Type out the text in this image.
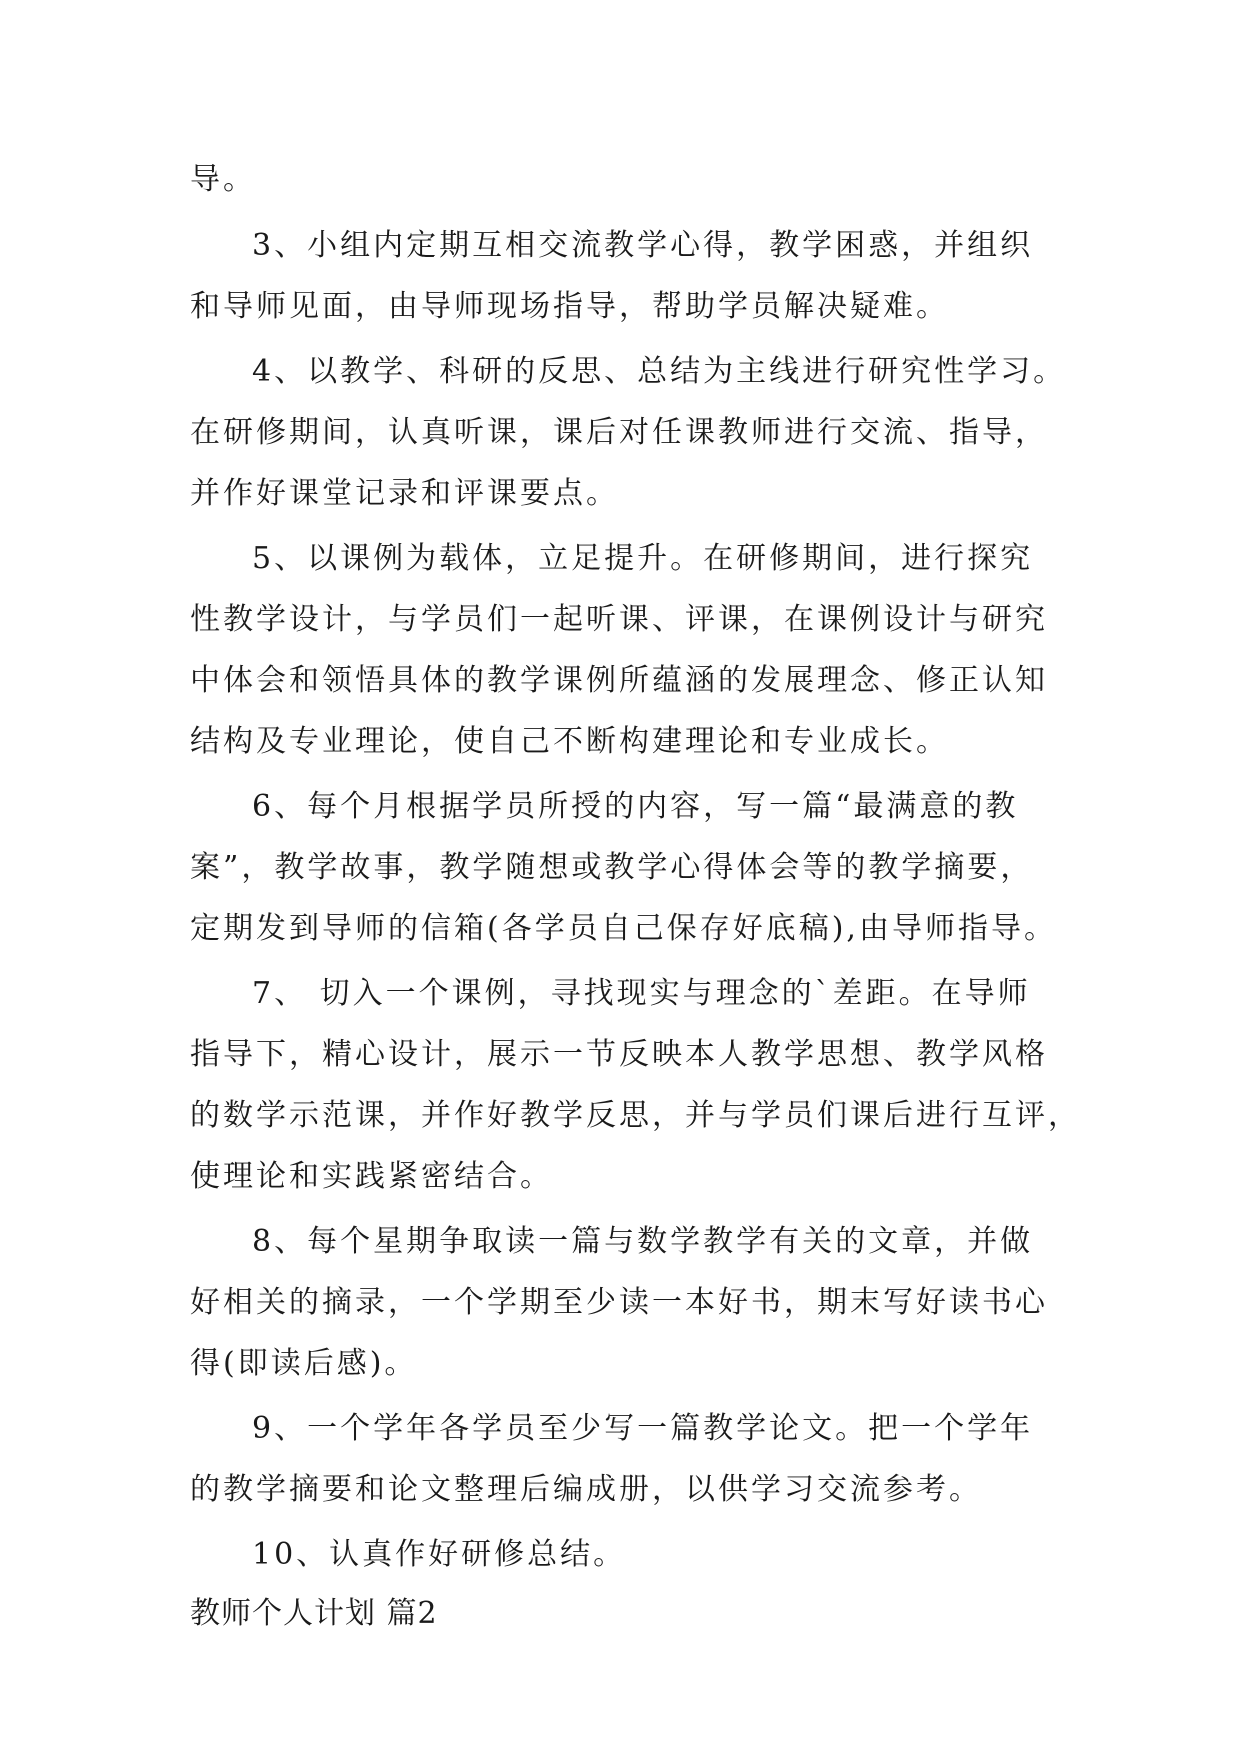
导。
3、小组内定期互相交流教学心得，教学困惑，并组织
和导师见面，由导师现场指导，帮助学员解决疑难。
4、以教学、科研的反思、总结为主线进行研究性学习。
在研修期间，认真听课，课后对任课教师进行交流、指导，
并作好课堂记录和评课要点。
5、以课例为载体，立足提升。在研修期间，进行探究
性教学设计，与学员们一起听课、评课，在课例设计与研究
中体会和领悟具体的教学课例所蕴涵的发展理念、修正认知
结构及专业理论，使自己不断构建理论和专业成长。
6、每个月根据学员所授的内容，写一篇“最满意的教
案”，教学故事，教学随想或教学心得体会等的教学摘要，
定期发到导师的信箱(各学员自己保存好底稿),由导师指导。
7、 切入一个课例，寻找现实与理念的`差距。在导师
指导下，精心设计，展示一节反映本人教学思想、教学风格
的数学示范课，并作好教学反思，并与学员们课后进行互评，
使理论和实践紧密结合。
8、每个星期争取读一篇与数学教学有关的文章，并做
好相关的摘录，一个学期至少读一本好书，期末写好读书心
得(即读后感)。
9、一个学年各学员至少写一篇教学论文。把一个学年
的教学摘要和论文整理后编成册，以供学习交流参考。
10、认真作好研修总结。
教师个人计划 篇2
